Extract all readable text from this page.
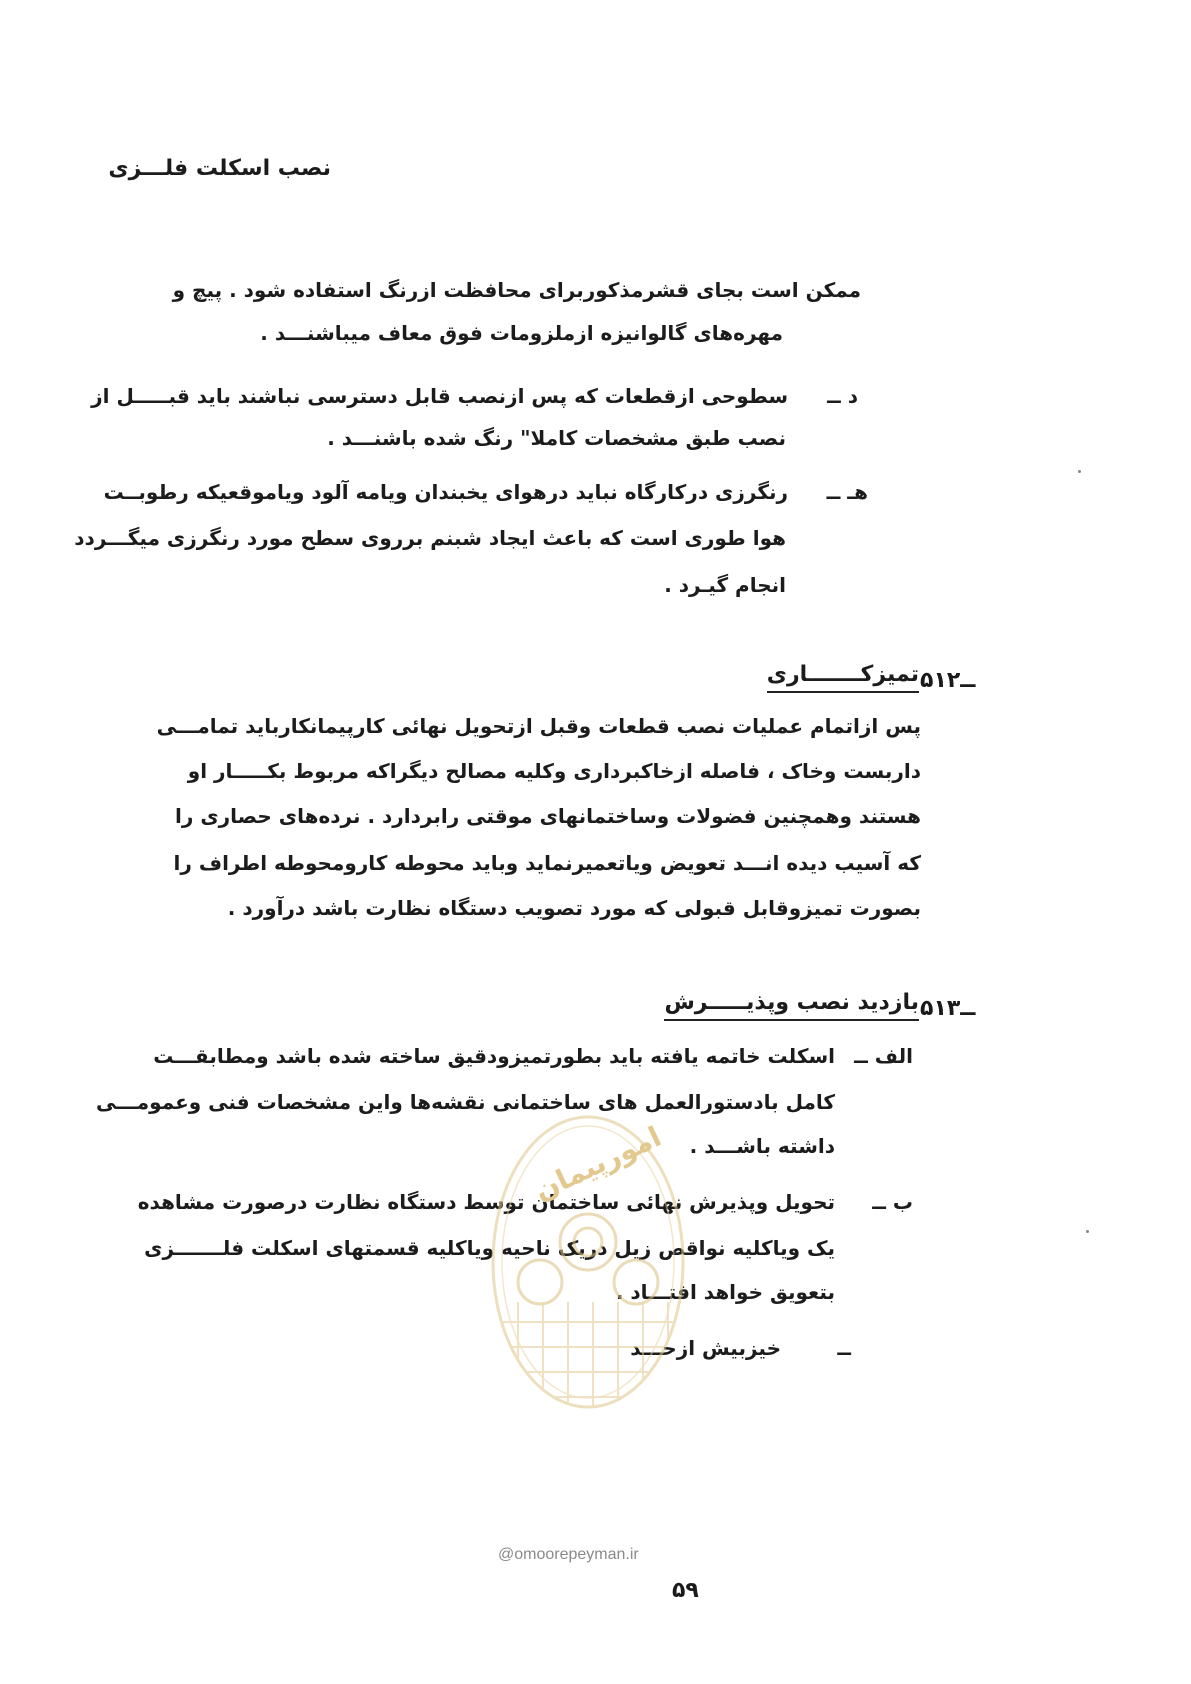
نصب اسکلت فلـــزی
ممکن است بجای قشرمذکوربرای محافظت ازرنگ استفاده شود . پیچ و
مهره‌های گالوانیزه ازملزومات فوق معاف میباشنـــد .
د ــ
سطوحی ازقطعات که پس ازنصب قابل دسترسی نباشند باید قبـــــل از
نصب طبق مشخصات کاملا" رنگ شده باشنـــد .
هـ ــ
رنگرزی درکارگاه نباید درهوای یخبندان ویامه آلود ویاموقعیکه رطوبــت
هوا طوری است که باعث ایجاد شبنم برروی سطح مورد رنگرزی میگـــردد
انجام گیـرد .
۵ــ۱۲
تمیزکـــــــاری
پس ازاتمام عملیات نصب قطعات وقبل ازتحویل نهائی کارپیمانکارباید تمامـــی
داربست وخاک ، فاصله ازخاکبرداری وکلیه مصالح دیگراکه مربوط بکـــــار او
هستند وهمچنین فضولات وساختمانهای موقتی رابردارد . نرده‌های حصاری را
که آسیب دیده انـــد تعویض ویاتعمیرنماید وباید محوطه کارومحوطه اطراف را
بصورت تمیزوقابل قبولی که مورد تصویب دستگاه نظارت باشد درآورد .
۵ــ۱۳
بازدید نصب وپذیـــــرش
الف ــ
اسکلت خاتمه یافته باید بطورتمیزودقیق ساخته شده باشد ومطابقـــت
کامل بادستورالعمل های ساختمانی نقشه‌ها واین مشخصات فنی وعمومـــی
داشته باشـــد .
ب ــ
تحویل وپذیرش نهائی ساختمان توسط دستگاه نظارت درصورت مشاهده
یک ویاکلیه نواقص زیل دریک ناحیه ویاکلیه قسمتهای اسکلت فلـــــــزی
بتعویق خواهد افتـــاد .
ــ
خیزبیش ازحـــد
امورپیمان
@omoorepeyman.ir
۵۹
